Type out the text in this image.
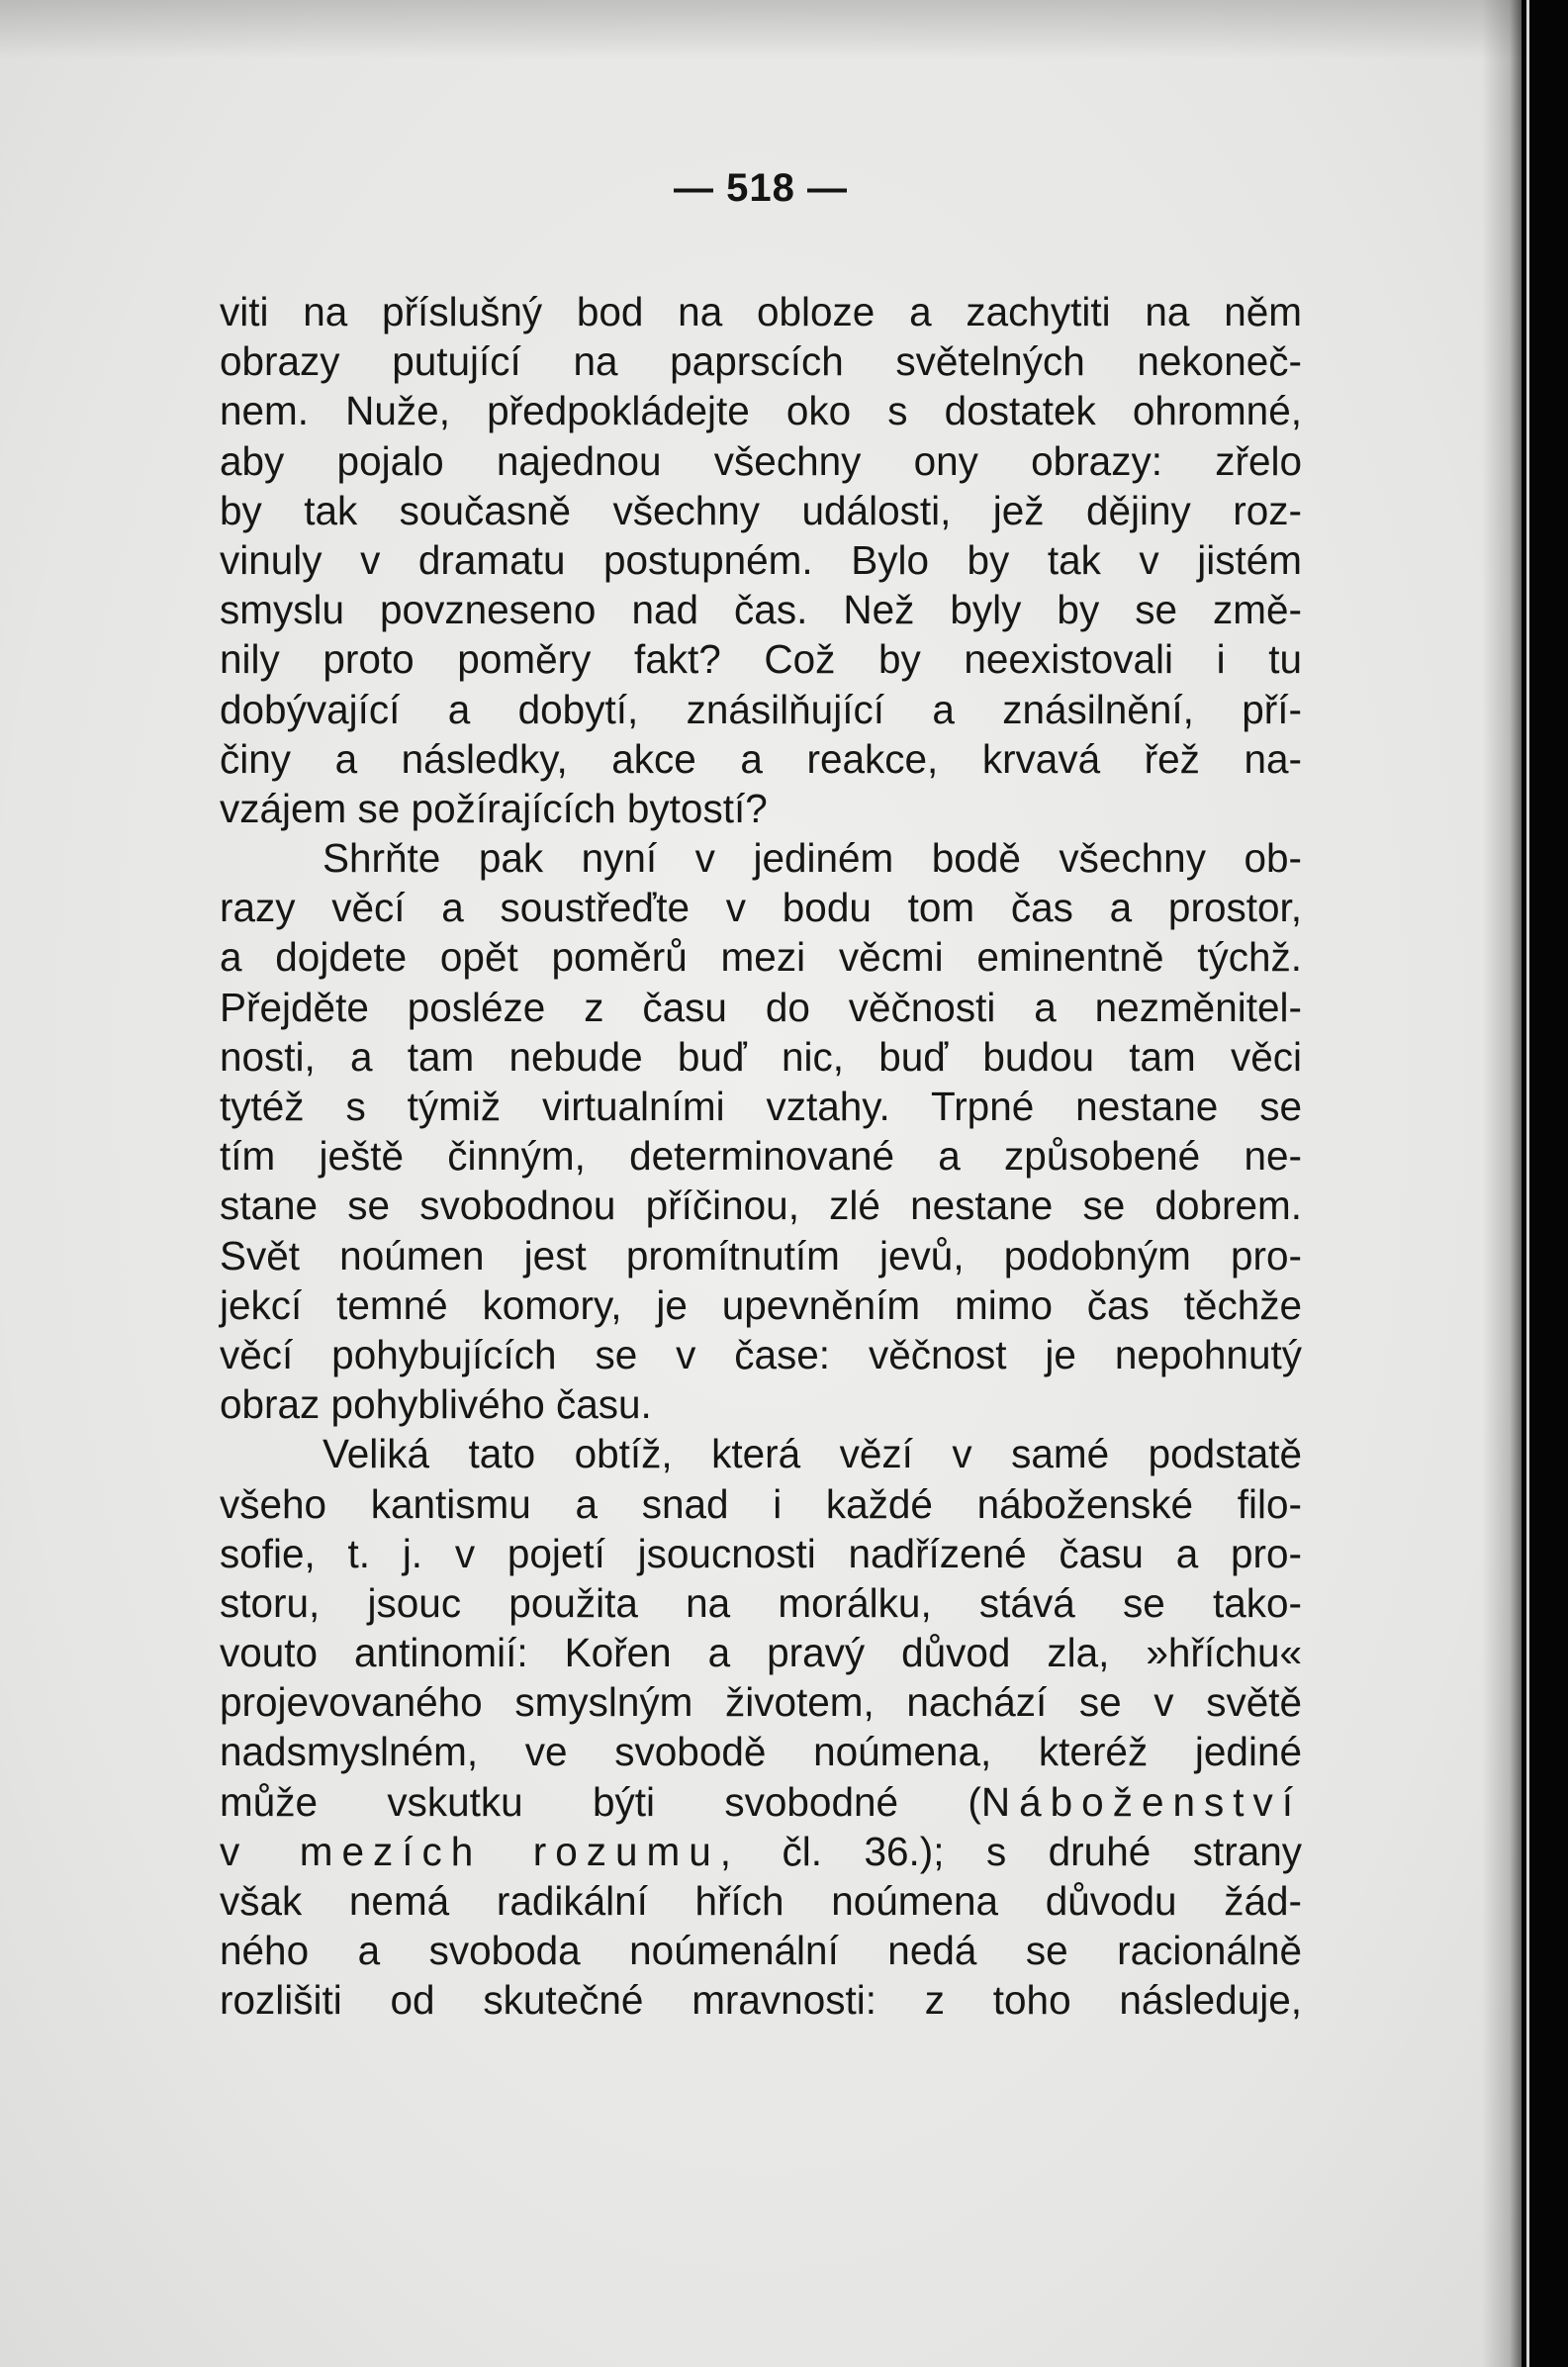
— 518 —
viti na příslušný bod na obloze a zachytiti na něm
obrazy putující na paprscích světelných nekoneč-
nem. Nuže, předpokládejte oko s dostatek ohromné,
aby pojalo najednou všechny ony obrazy: zřelo
by tak současně všechny události, jež dějiny roz-
vinuly v dramatu postupném. Bylo by tak v jistém
smyslu povzneseno nad čas. Než byly by se změ-
nily proto poměry fakt? Což by neexistovali i tu
dobývající a dobytí, znásilňující a znásilnění, pří-
činy a následky, akce a reakce, krvavá řež na-
vzájem se požírajících bytostí?
Shrňte pak nyní v jediném bodě všechny ob-
razy věcí a soustřeďte v bodu tom čas a prostor,
a dojdete opět poměrů mezi věcmi eminentně týchž.
Přejděte posléze z času do věčnosti a nezměnitel-
nosti, a tam nebude buď nic, buď budou tam věci
tytéž s týmiž virtualními vztahy. Trpné nestane se
tím ještě činným, determinované a způsobené ne-
stane se svobodnou příčinou, zlé nestane se dobrem.
Svět noúmen jest promítnutím jevů, podobným pro-
jekcí temné komory, je upevněním mimo čas těchže
věcí pohybujících se v čase: věčnost je nepohnutý
obraz pohyblivého času.
Veliká tato obtíž, která vězí v samé podstatě
všeho kantismu a snad i každé náboženské filo-
sofie, t. j. v pojetí jsoucnosti nadřízené času a pro-
storu, jsouc použita na morálku, stává se tako-
vouto antinomií: Kořen a pravý důvod zla, »hříchu«
projevovaného smyslným životem, nachází se v světě
nadsmyslném, ve svobodě noúmena, kteréž jediné
může vskutku býti svobodné (Náboženství
v mezích rozumu, čl. 36.); s druhé strany
však nemá radikální hřích noúmena důvodu žád-
ného a svoboda noúmenální nedá se racionálně
rozlišiti od skutečné mravnosti: z toho následuje,
